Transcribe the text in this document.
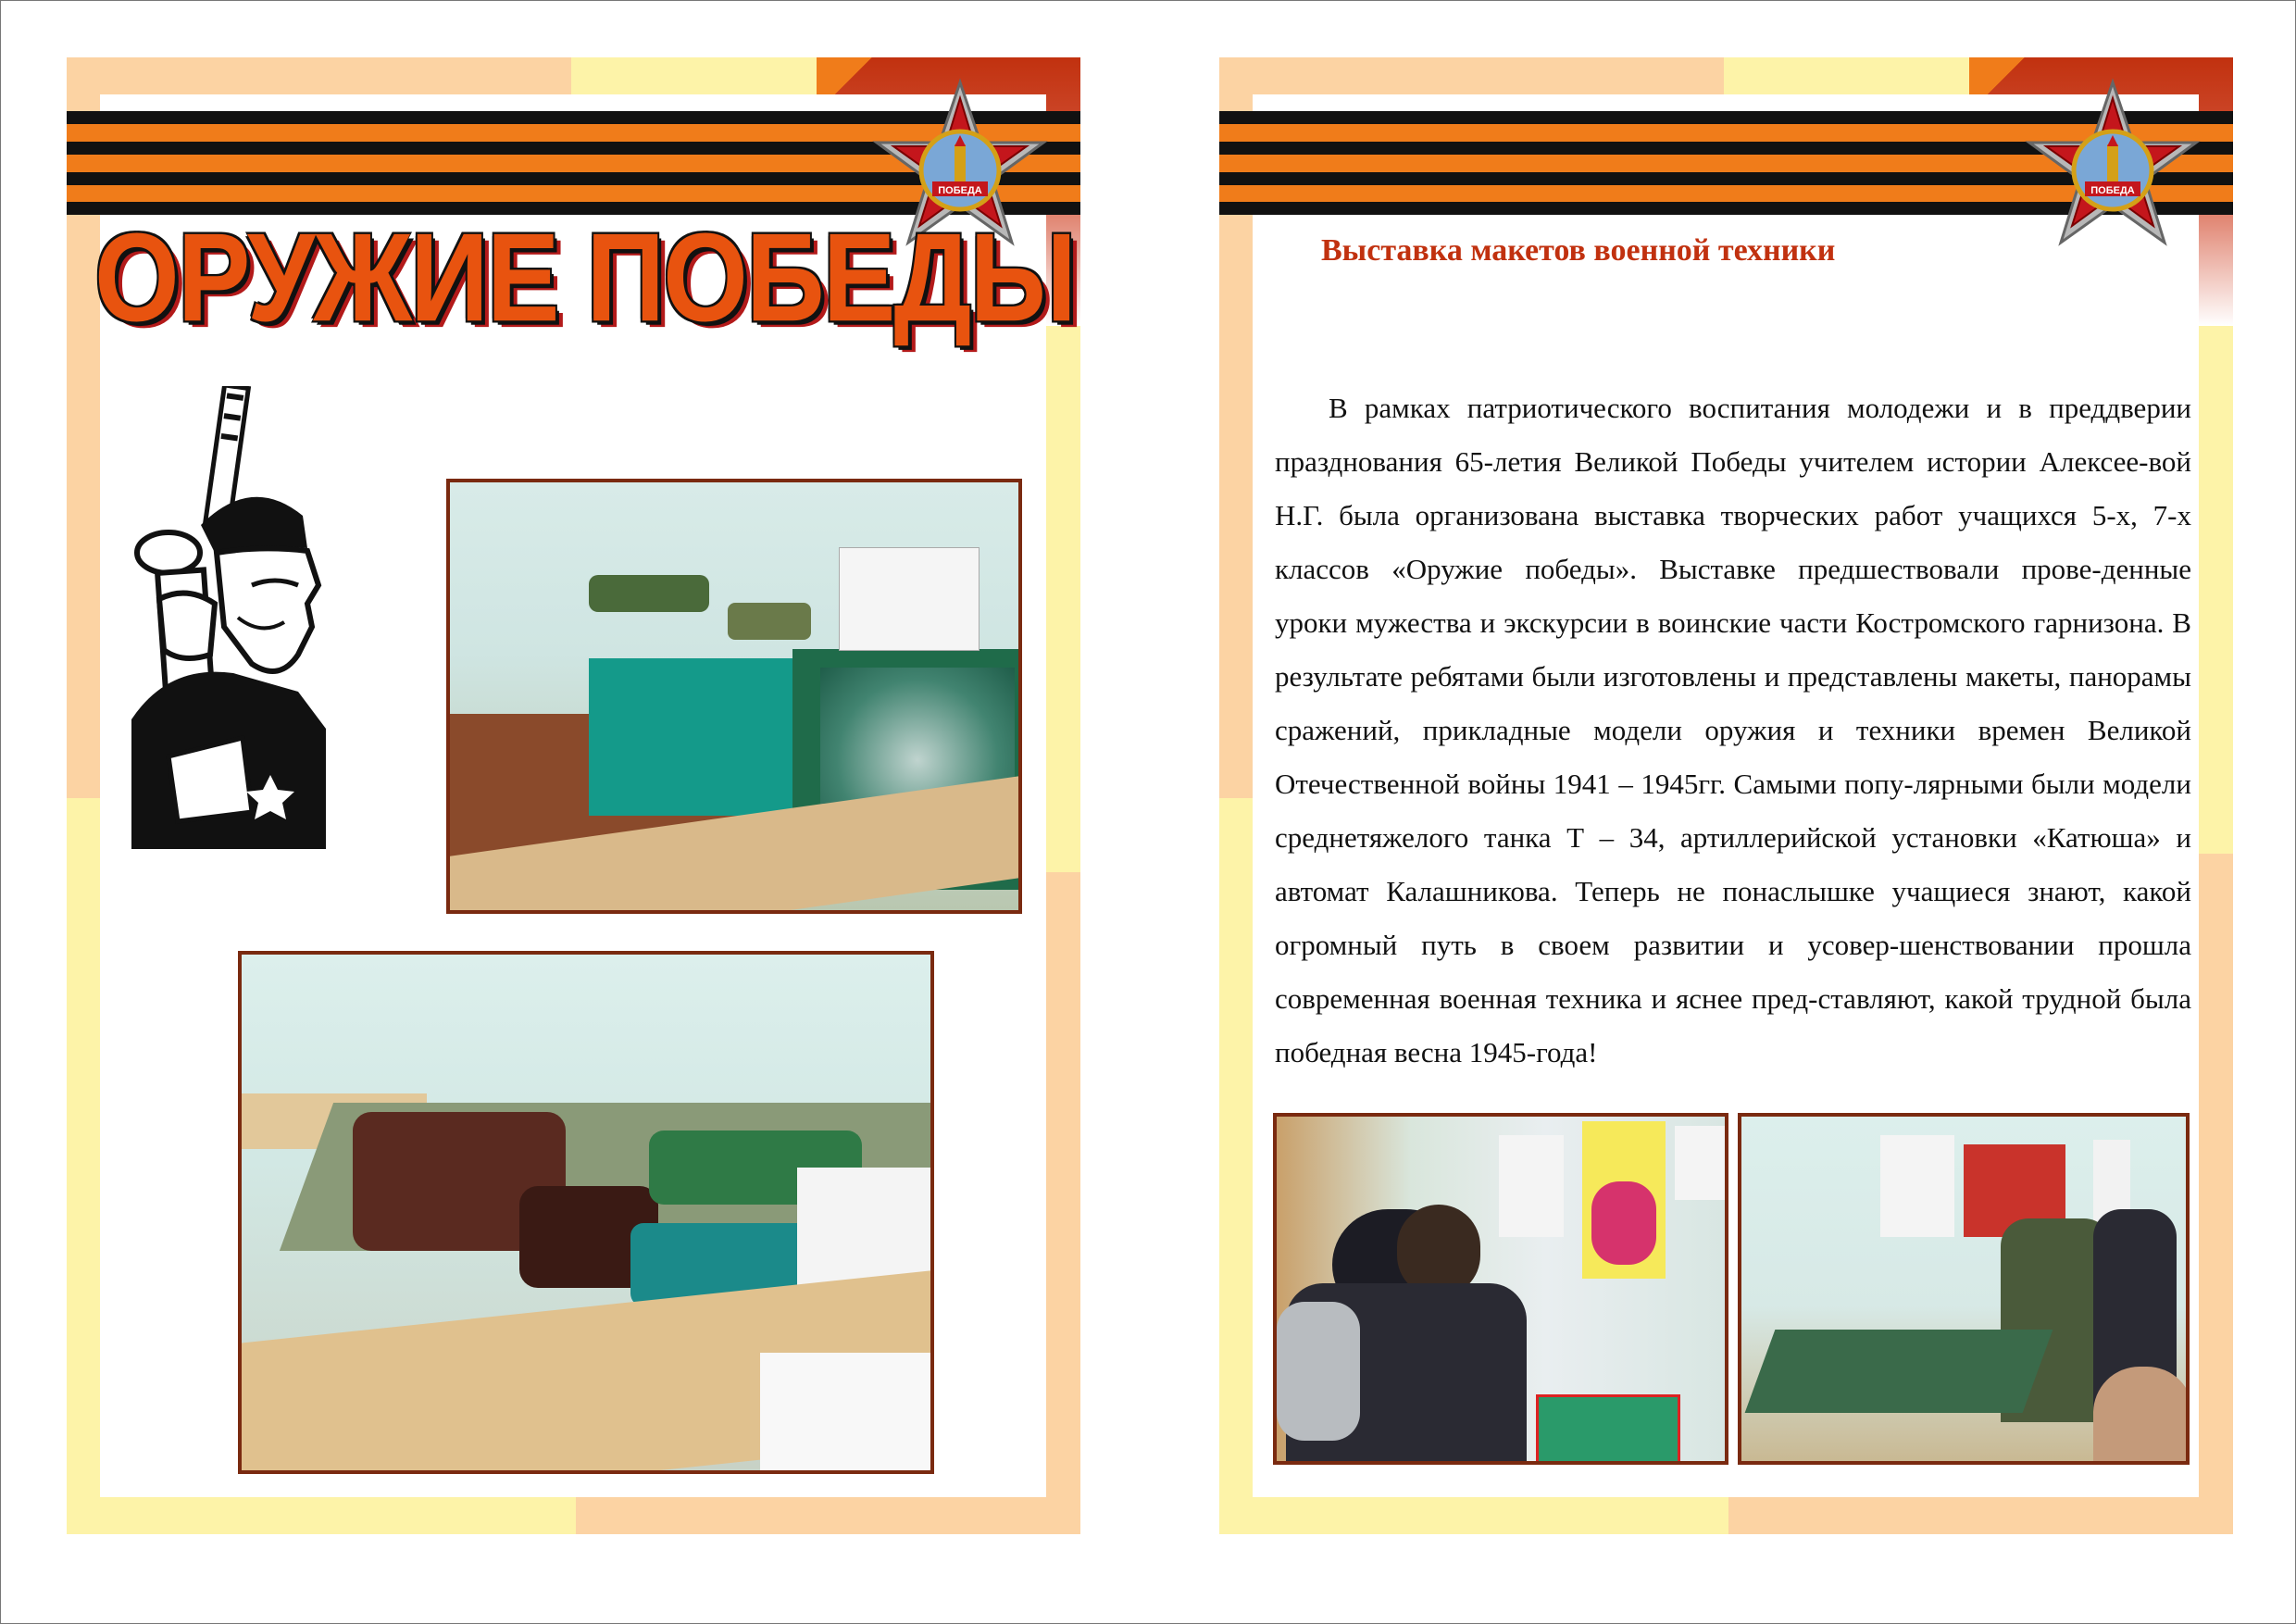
ПОБЕДА
ОРУЖИЕ ПОБЕДЫ
ПОБЕДА
Выставка макетов военной техники

В рамках патриотического воспитания молодежи и в преддверии празднования 65-летия Великой Победы учителем истории Алексее-вой Н.Г. была организована выставка творческих работ учащихся 5-х, 7-х классов «Оружие победы». Выставке предшествовали прове-денные уроки мужества и экскурсии в воинские части Костромского гарнизона. В результате ребятами были изготовлены и представлены макеты, панорамы сражений, прикладные модели оружия и техники времен Великой Отечественной войны 1941 – 1945гг. Самыми попу-лярными были модели среднетяжелого танка Т – 34, артиллерийской установки «Катюша» и автомат Калашникова. Теперь не понаслышке учащиеся знают, какой огромный путь в своем развитии и усовер-шенствовании прошла современная военная техника и яснее пред-ставляют, какой трудной была победная весна 1945-года!
